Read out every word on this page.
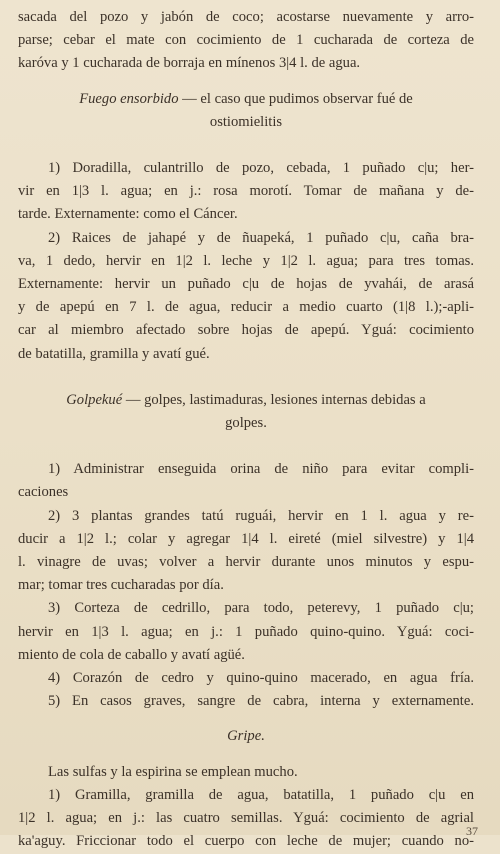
sacada del pozo y jabón de coco; acostarse nuevamente y arro-
parse; cebar el mate con cocimiento de 1 cucharada de corteza de
karóva y 1 cucharada de borraja en mínenos 3|4 l. de agua.
Fuego ensorbido — el caso que pudimos observar fué de
ostiomielitis
1) Doradilla, culantrillo de pozo, cebada, 1 puñado c|u; her-
vir en 1|3 l. agua; en j.: rosa morotí. Tomar de mañana y de-
tarde. Externamente: como el Cáncer.
2) Raices de jahapé y de ñuapeká, 1 puñado c|u, caña bra-
va, 1 dedo, hervir en 1|2 l. leche y 1|2 l. agua; para tres tomas.
Externamente: hervir un puñado c|u de hojas de yvahái, de arasá
y de apepú en 7 l. de agua, reducir a medio cuarto (1|8 l.);-apli-
car al miembro afectado sobre hojas de apepú. Yguá: cocimiento
de batatilla, gramilla y avatí gué.
Golpekué — golpes, lastimaduras, lesiones internas debidas a
golpes.
1) Administrar enseguida orina de niño para evitar compli-
caciones
2) 3 plantas grandes tatú ruguái, hervir en 1 l. agua y re-
ducir a 1|2 l.; colar y agregar 1|4 l. eireté (miel silvestre) y 1|4
l. vinagre de uvas; volver a hervir durante unos minutos y espu-
mar; tomar tres cucharadas por día.
3) Corteza de cedrillo, para todo, peterevy, 1 puñado c|u;
hervir en 1|3 l. agua; en j.: 1 puñado quino-quino. Yguá: coci-
miento de cola de caballo y avatí agüé.
4) Corazón de cedro y quino-quino macerado, en agua fría.
5) En casos graves, sangre de cabra, interna y externamente.
Gripe.
Las sulfas y la espirina se emplean mucho.
1) Gramilla, gramilla de agua, batatilla, 1 puñado c|u en
1|2 l. agua; en j.: las cuatro semillas. Yguá: cocimiento de agrial
ka'aguy. Friccionar todo el cuerpo con leche de mujer; cuando no-
37
